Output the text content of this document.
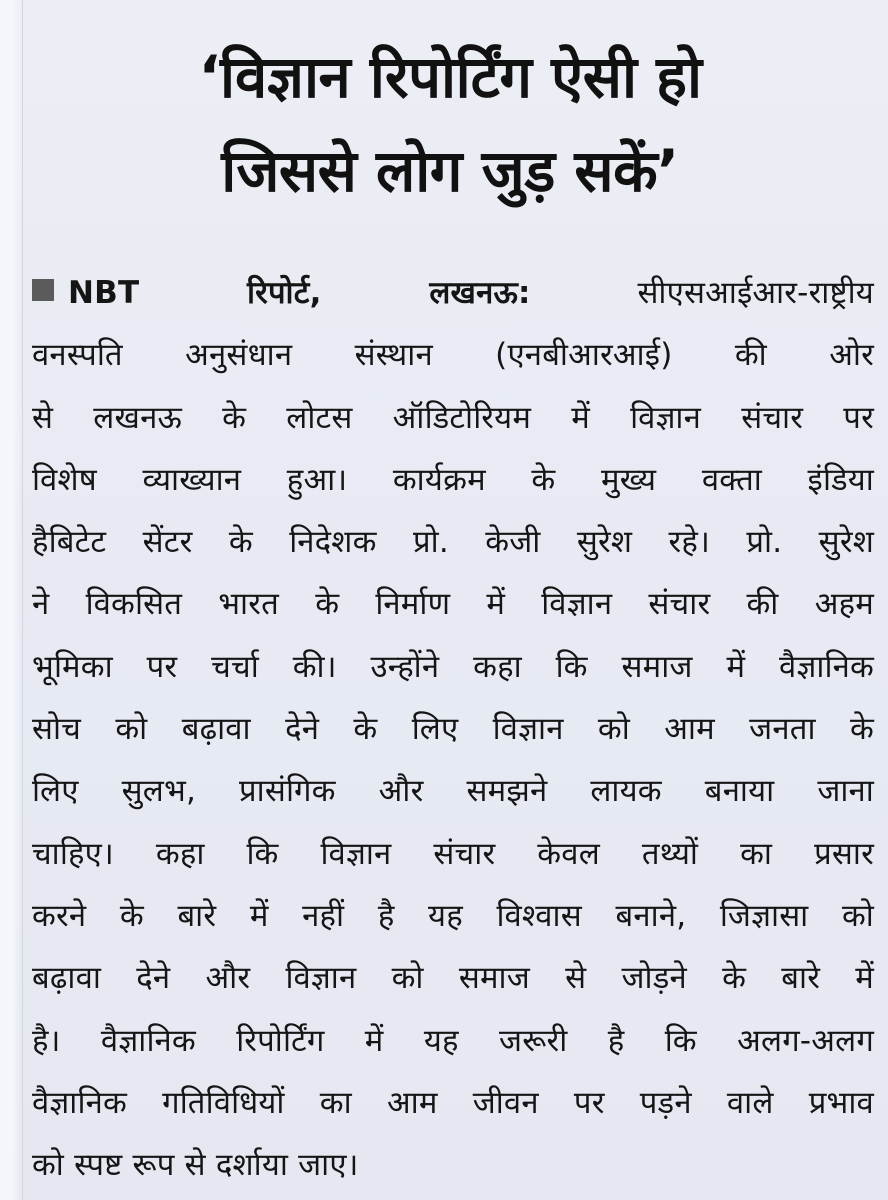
‘विज्ञान रिपोर्टिंग ऐसी हो
जिससे लोग जुड़ सकें’
NBT रिपोर्ट, लखनऊ:	सीएसआईआर-राष्ट्रीय
वनस्पति अनुसंधान संस्थान (एनबीआरआई) की ओर
से लखनऊ के लोटस ऑडिटोरियम में विज्ञान संचार पर
विशेष व्याख्यान हुआ। कार्यक्रम के मुख्य वक्ता इंडिया
हैबिटेट सेंटर के निदेशक प्रो. केजी सुरेश रहे। प्रो. सुरेश
ने विकसित भारत के निर्माण में विज्ञान संचार की अहम
भूमिका पर चर्चा की। उन्होंने कहा कि समाज में वैज्ञानिक
सोच को बढ़ावा देने के लिए विज्ञान को आम जनता के
लिए सुलभ, प्रासंगिक और समझने लायक बनाया जाना
चाहिए। कहा कि विज्ञान संचार केवल तथ्यों का प्रसार
करने के बारे में नहीं है यह विश्वास बनाने, जिज्ञासा को
बढ़ावा देने और विज्ञान को समाज से जोड़ने के बारे में
है। वैज्ञानिक रिपोर्टिंग में यह जरूरी है कि अलग-अलग
वैज्ञानिक गतिविधियों का आम जीवन पर पड़ने वाले प्रभाव
को स्पष्ट रूप से दर्शाया जाए।
